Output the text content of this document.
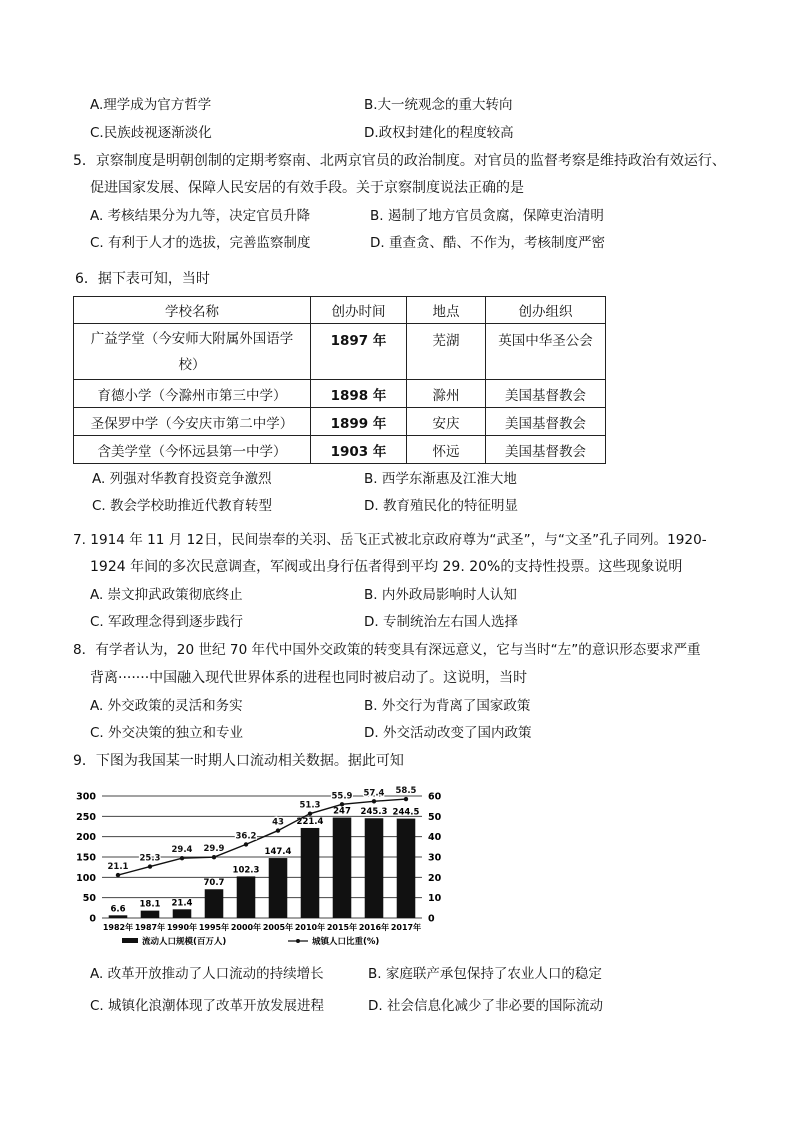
A.理学成为官方哲学	B.大一统观念的重大转向
C.民族歧视逐渐淡化	D.政权封建化的程度较高
5．京察制度是明朝创制的定期考察南、北两京官员的政治制度。对官员的监督考察是维持政治有效运行、
促进国家发展、保障人民安居的有效手段。关于京察制度说法正确的是
A. 考核结果分为九等，决定官员升降	B. 遏制了地方官员贪腐，保障吏治清明
C. 有利于人才的选拔，完善监察制度	D. 重查贪、酷、不作为，考核制度严密
6．据下表可知，当时
学校名称	创办时间	地点	创办组织

广益学堂（今安师大附属外国语学
校）	1897 年	芜湖	英国中华圣公会
育德小学（今滁州市第三中学）	1898 年	滁州	美国基督教会
圣保罗中学（今安庆市第二中学）	1899 年	安庆	美国基督教会
含美学堂（今怀远县第一中学）	1903 年	怀远	美国基督教会
A. 列强对华教育投资竞争激烈	B. 西学东渐惠及江淮大地
C. 教会学校助推近代教育转型	D. 教育殖民化的特征明显
7. 1914 年 11 月 12日，民间崇奉的关羽、岳飞正式被北京政府尊为“武圣”，与“文圣”孔子同列。1920-
1924 年间的多次民意调查，军阀或出身行伍者得到平均 29. 20%的支持性投票。这些现象说明
A. 崇文抑武政策彻底终止	B. 内外政局影响时人认知
C. 军政理念得到逐步践行	D. 专制统治左右国人选择
8．有学者认为，20 世纪 70 年代中国外交政策的转变具有深远意义，它与当时“左”的意识形态要求严重
背离·······中国融入现代世界体系的进程也同时被启动了。这说明，当时
A. 外交政策的灵活和务实	B. 外交行为背离了国家政策
C. 外交决策的独立和专业	D. 外交活动改变了国内政策
9．下图为我国某一时期人口流动相关数据。据此可知
300	60
250	50
200	40
150	30
100	20
50	10
0	0
6.6 18.1 21.4
70.7
102.3
147.4
221.4
247 245.3 244.5
21.1
25.3
29.4 29.9
36.2
43
51.3
55.9 57.4 58.5
1982年 1987年 1990年 1995年 2000年 2005年 2010年 2015年 2016年 2017年
流动人口规模(百万人)	城镇人口比重(%)
A. 改革开放推动了人口流动的持续增长	B. 家庭联产承包保持了农业人口的稳定
C. 城镇化浪潮体现了改革开放发展进程	D. 社会信息化减少了非必要的国际流动
